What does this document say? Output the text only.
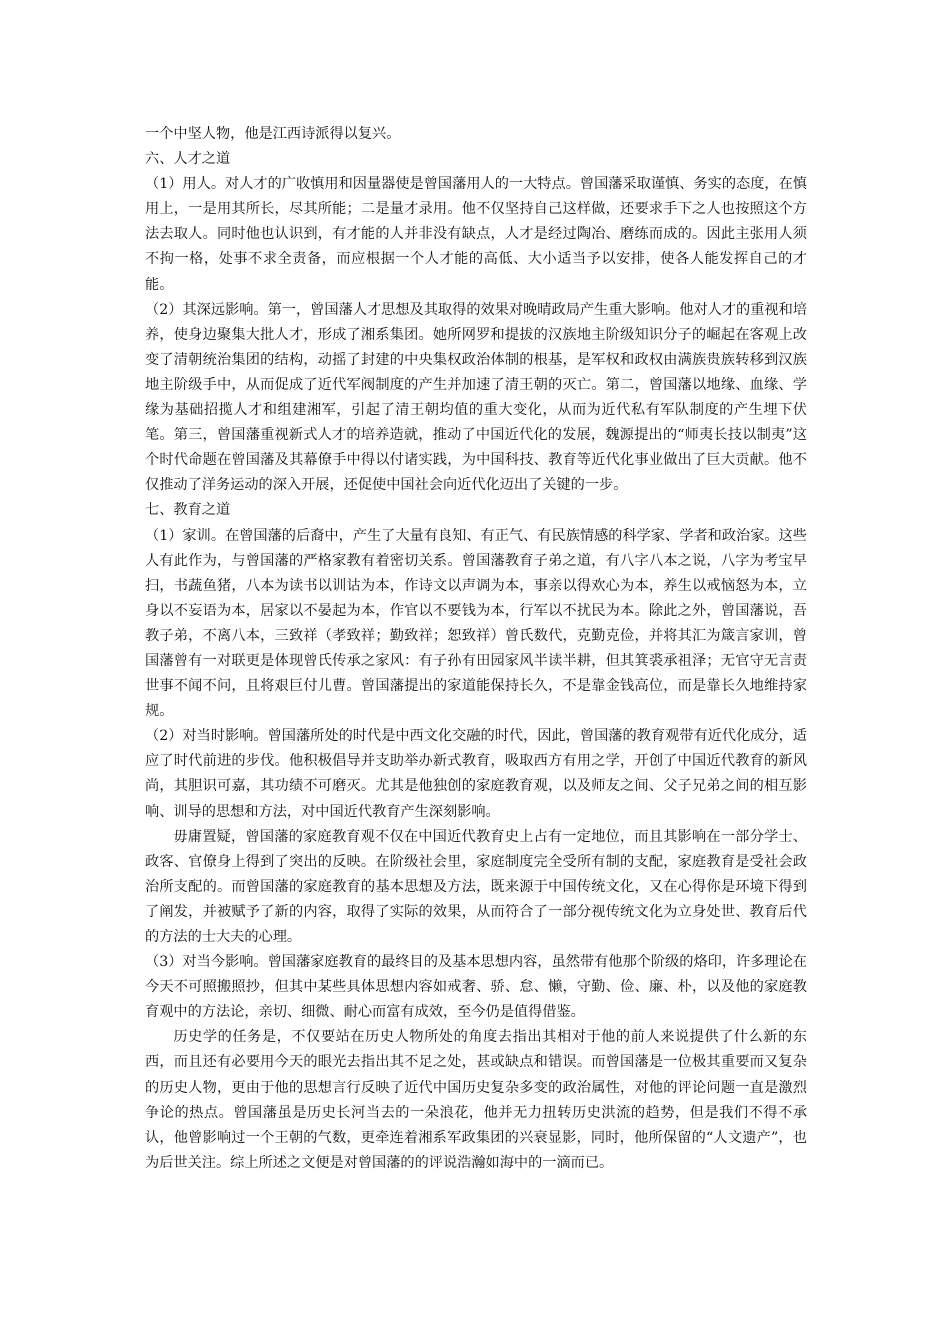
一个中坚人物，他是江西诗派得以复兴。

六、人才之道

（1）用人。对人才的广收慎用和因量器使是曾国藩用人的一大特点。曾国藩采取谨慎、务实的态度，在慎用上，一是用其所长，尽其所能；二是量才录用。他不仅坚持自己这样做，还要求手下之人也按照这个方法去取人。同时他也认识到，有才能的人并非没有缺点，人才是经过陶冶、磨练而成的。因此主张用人须不拘一格，处事不求全责备，而应根据一个人才能的高低、大小适当予以安排，使各人能发挥自己的才能。

（2）其深远影响。第一，曾国藩人才思想及其取得的效果对晚晴政局产生重大影响。他对人才的重视和培养，使身边聚集大批人才，形成了湘系集团。她所网罗和提拔的汉族地主阶级知识分子的崛起在客观上改变了清朝统治集团的结构，动摇了封建的中央集权政治体制的根基，是军权和政权由满族贵族转移到汉族地主阶级手中，从而促成了近代军阀制度的产生并加速了清王朝的灭亡。第二，曾国藩以地缘、血缘、学缘为基础招揽人才和组建湘军，引起了清王朝均值的重大变化，从而为近代私有军队制度的产生埋下伏笔。第三，曾国藩重视新式人才的培养造就，推动了中国近代化的发展，魏源提出的“师夷长技以制夷”这个时代命题在曾国藩及其幕僚手中得以付诸实践，为中国科技、教育等近代化事业做出了巨大贡献。他不仅推动了洋务运动的深入开展，还促使中国社会向近代化迈出了关键的一步。

七、教育之道

（1）家训。在曾国藩的后裔中，产生了大量有良知、有正气、有民族情感的科学家、学者和政治家。这些人有此作为，与曾国藩的严格家教有着密切关系。曾国藩教育子弟之道，有八字八本之说，八字为考宝早扫，书蔬鱼猪，八本为读书以训诂为本，作诗文以声调为本，事亲以得欢心为本，养生以戒恼怒为本，立身以不妄语为本，居家以不晏起为本，作官以不要钱为本，行军以不扰民为本。除此之外，曾国藩说，吾教子弟，不离八本，三致祥（孝致祥；勤致祥；恕致祥）曾氏数代，克勤克俭，并将其汇为箴言家训，曾国藩曾有一对联更是体现曾氏传承之家风：有子孙有田园家风半读半耕，但其箕裘承祖泽；无官守无言责世事不闻不问，且将艰巨付儿曹。曾国藩提出的家道能保持长久，不是靠金钱高位，而是靠长久地维持家规。

（2）对当时影响。曾国藩所处的时代是中西文化交融的时代，因此，曾国藩的教育观带有近代化成分，适应了时代前进的步伐。他积极倡导并支助举办新式教育，吸取西方有用之学，开创了中国近代教育的新风尚，其胆识可嘉，其功绩不可磨灭。尤其是他独创的家庭教育观，以及师友之间、父子兄弟之间的相互影响、训导的思想和方法，对中国近代教育产生深刻影响。

毋庸置疑，曾国藩的家庭教育观不仅在中国近代教育史上占有一定地位，而且其影响在一部分学士、政客、官僚身上得到了突出的反映。在阶级社会里，家庭制度完全受所有制的支配，家庭教育是受社会政治所支配的。而曾国藩的家庭教育的基本思想及方法，既来源于中国传统文化，又在心得你是环境下得到了阐发，并被赋予了新的内容，取得了实际的效果，从而符合了一部分视传统文化为立身处世、教育后代的方法的士大夫的心理。

（3）对当今影响。曾国藩家庭教育的最终目的及基本思想内容，虽然带有他那个阶级的烙印，许多理论在今天不可照搬照抄，但其中某些具体思想内容如戒奢、骄、怠、懒，守勤、俭、廉、朴，以及他的家庭教育观中的方法论，亲切、细微、耐心而富有成效，至今仍是值得借鉴。

历史学的任务是，不仅要站在历史人物所处的角度去指出其相对于他的前人来说提供了什么新的东西，而且还有必要用今天的眼光去指出其不足之处，甚或缺点和错误。而曾国藩是一位极其重要而又复杂的历史人物，更由于他的思想言行反映了近代中国历史复杂多变的政治属性，对他的评论问题一直是激烈争论的热点。曾国藩虽是历史长河当去的一朵浪花，他并无力扭转历史洪流的趋势，但是我们不得不承认，他曾影响过一个王朝的气数，更牵连着湘系军政集团的兴衰显影，同时，他所保留的“人文遗产”，也为后世关注。综上所述之文便是对曾国藩的的评说浩瀚如海中的一滴而已。
